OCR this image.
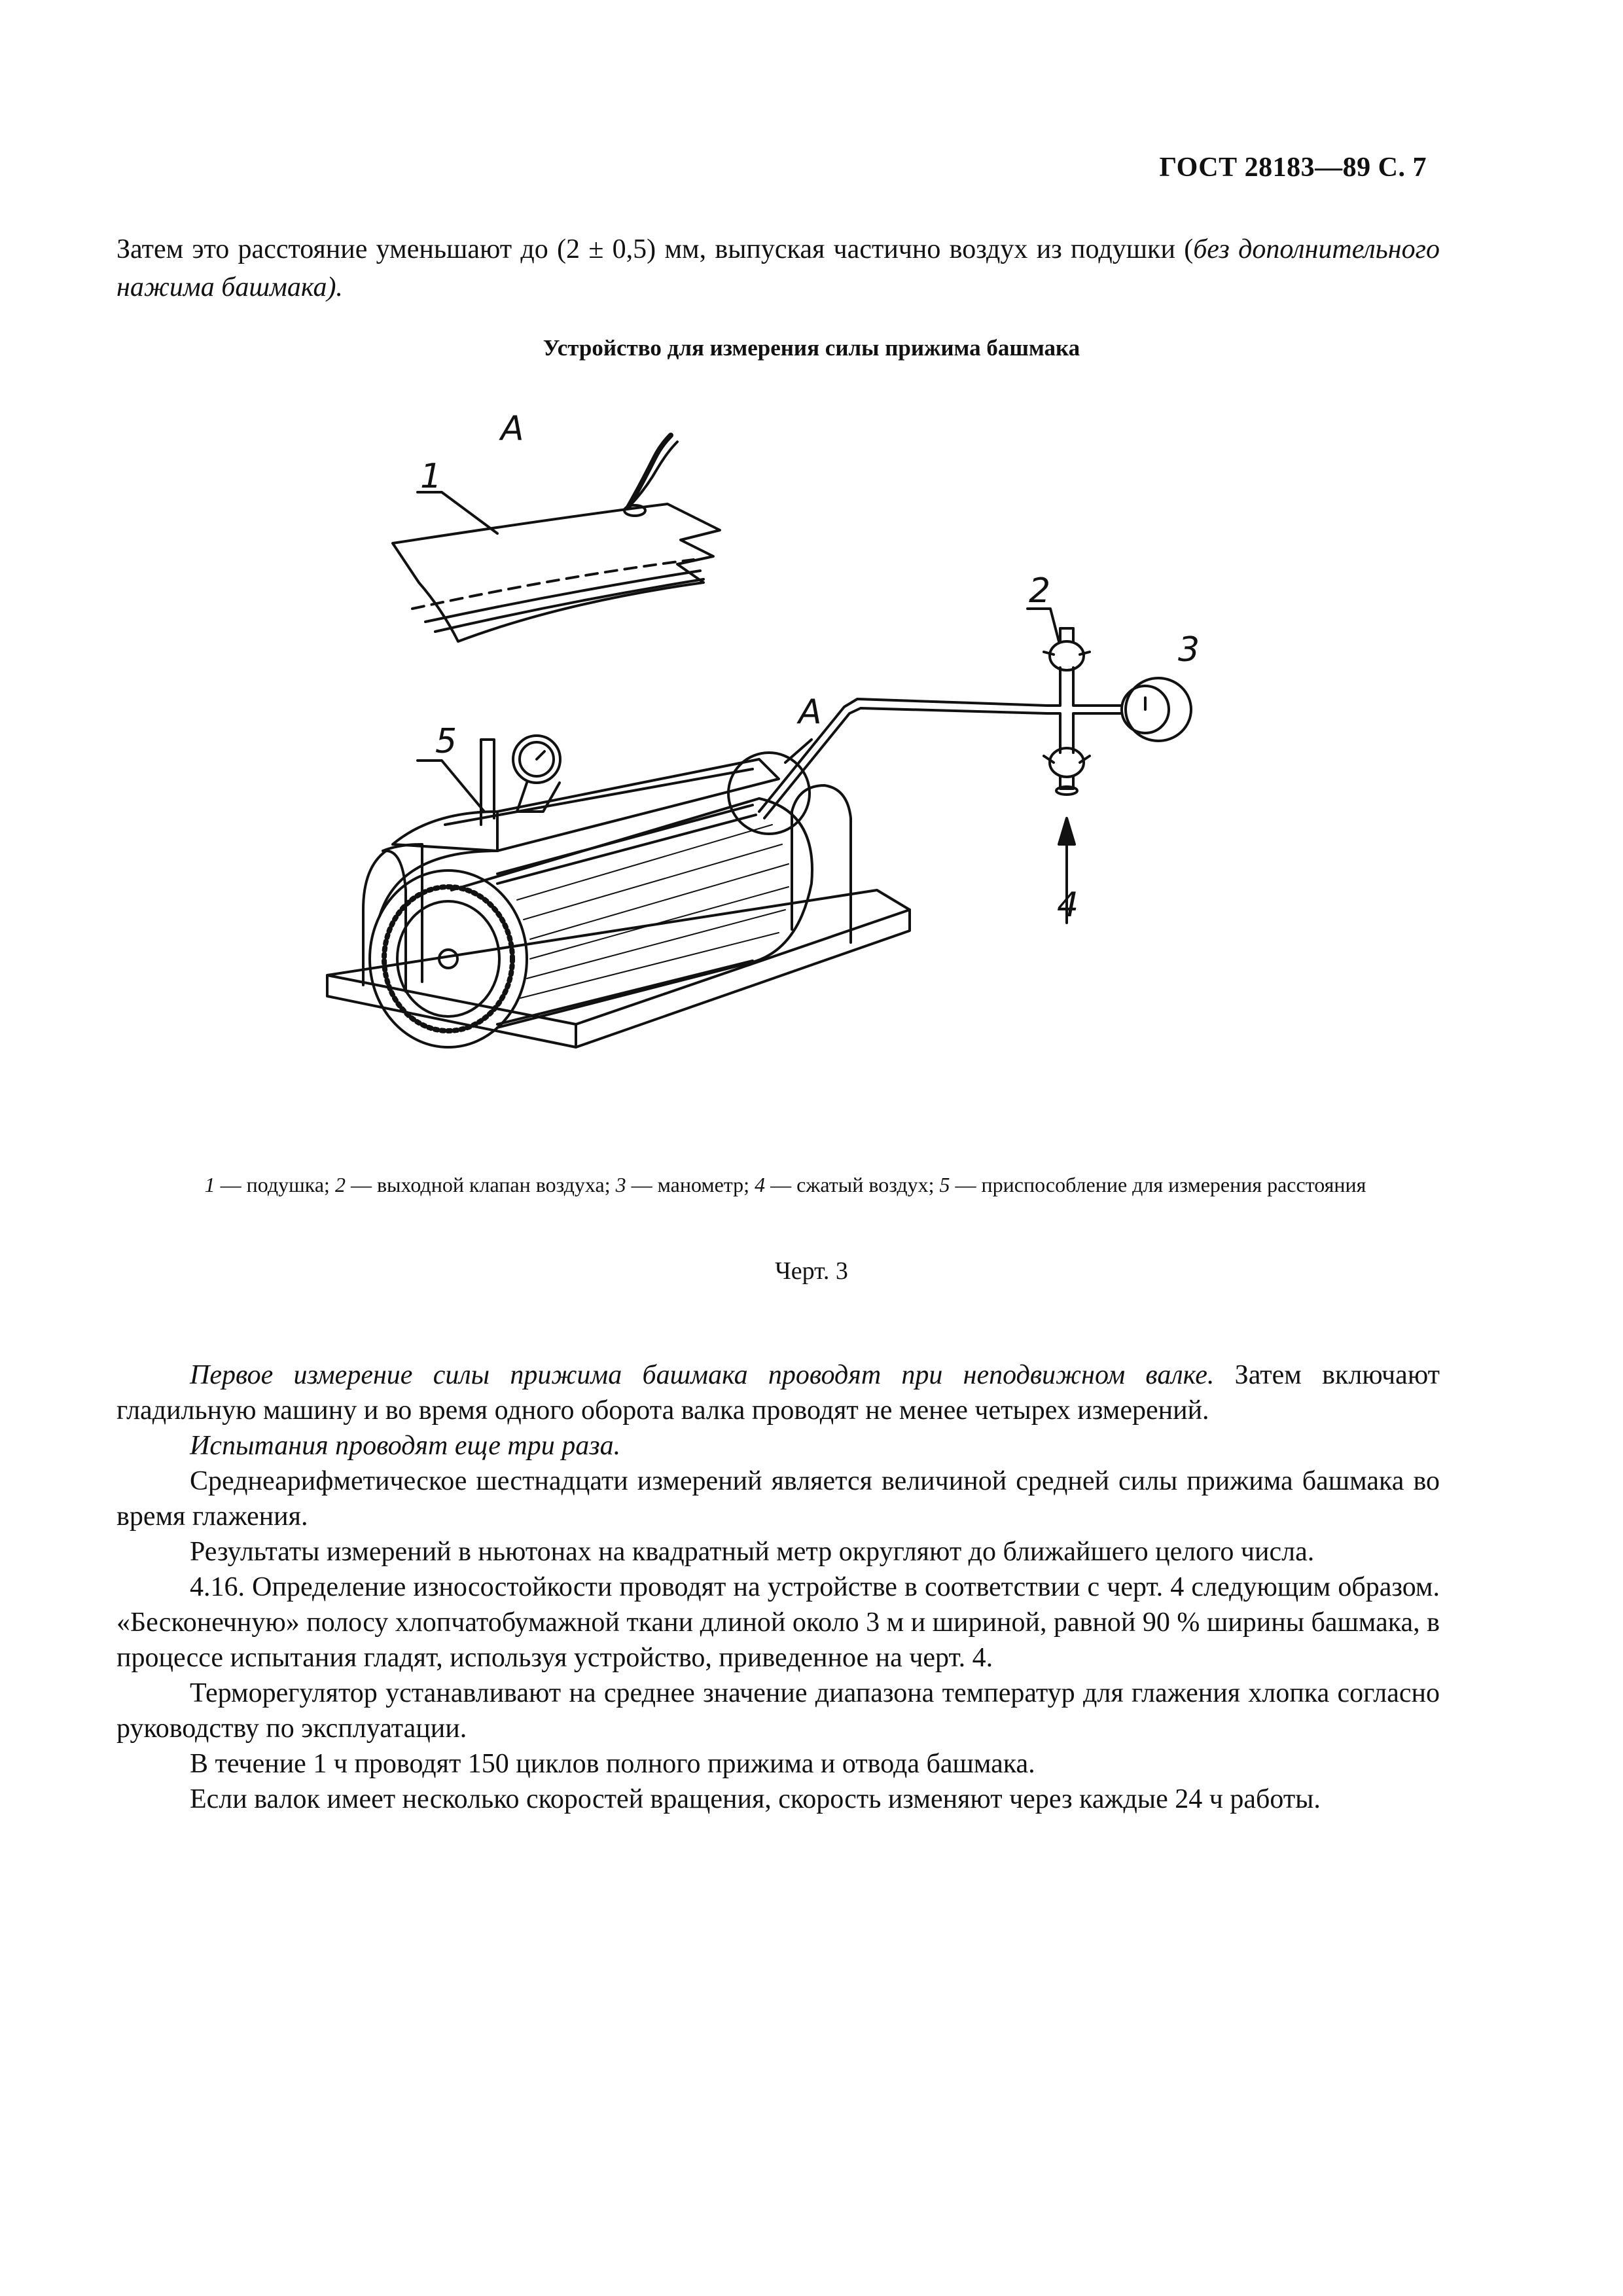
ГОСТ 28183—89 С. 7

Затем это расстояние уменьшают до (2 ± 0,5) мм, выпуская частично воздух из подушки (без дополнительного нажима башмака).

Устройство для измерения силы прижима башмака
A
1
2
3
A
5
4
1 — подушка; 2 — выходной клапан воздуха; 3 — манометр; 4 — сжатый воздух; 5 — приспособление для измерения расстояния
Черт. 3

Первое измерение силы прижима башмака проводят при неподвижном валке. Затем включают гладильную машину и во время одного оборота валка проводят не менее четырех измерений.

Испытания проводят еще три раза.

Среднеарифметическое шестнадцати измерений является величиной средней силы прижима башмака во время глажения.

Результаты измерений в ньютонах на квадратный метр округляют до ближайшего целого числа.

4.16. Определение износостойкости проводят на устройстве в соответствии с черт. 4 следующим образом. «Бесконечную» полосу хлопчатобумажной ткани длиной около 3 м и шириной, равной 90 % ширины башмака, в процессе испытания гладят, используя устройство, приведенное на черт. 4.

Терморегулятор устанавливают на среднее значение диапазона температур для глажения хлопка согласно руководству по эксплуатации.

В течение 1 ч проводят 150 циклов полного прижима и отвода башмака.

Если валок имеет несколько скоростей вращения, скорость изменяют через каждые 24 ч работы.
